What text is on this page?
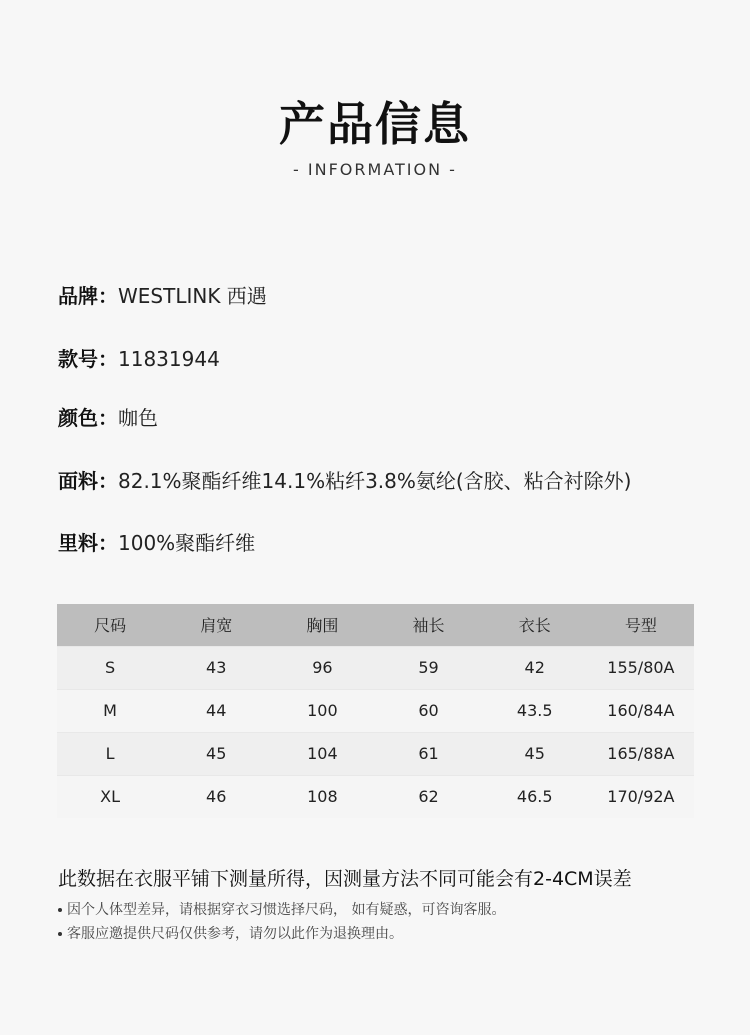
产品信息
- INFORMATION -
品牌：WESTLINK 西遇
款号：11831944
颜色：咖色
面料：82.1%聚酯纤维14.1%粘纤3.8%氨纶(含胶、粘合衬除外)
里料：100%聚酯纤维
尺码	肩宽	胸围	袖长	衣长	号型
S	43	96	59	42	155/80A
M	44	100	60	43.5	160/84A
L	45	104	61	45	165/88A
XL	46	108	62	46.5	170/92A
此数据在衣服平铺下测量所得，因测量方法不同可能会有2-4CM误差
因个人体型差异，请根据穿衣习惯选择尺码， 如有疑惑，可咨询客服。
客服应邀提供尺码仅供参考，请勿以此作为退换理由。
